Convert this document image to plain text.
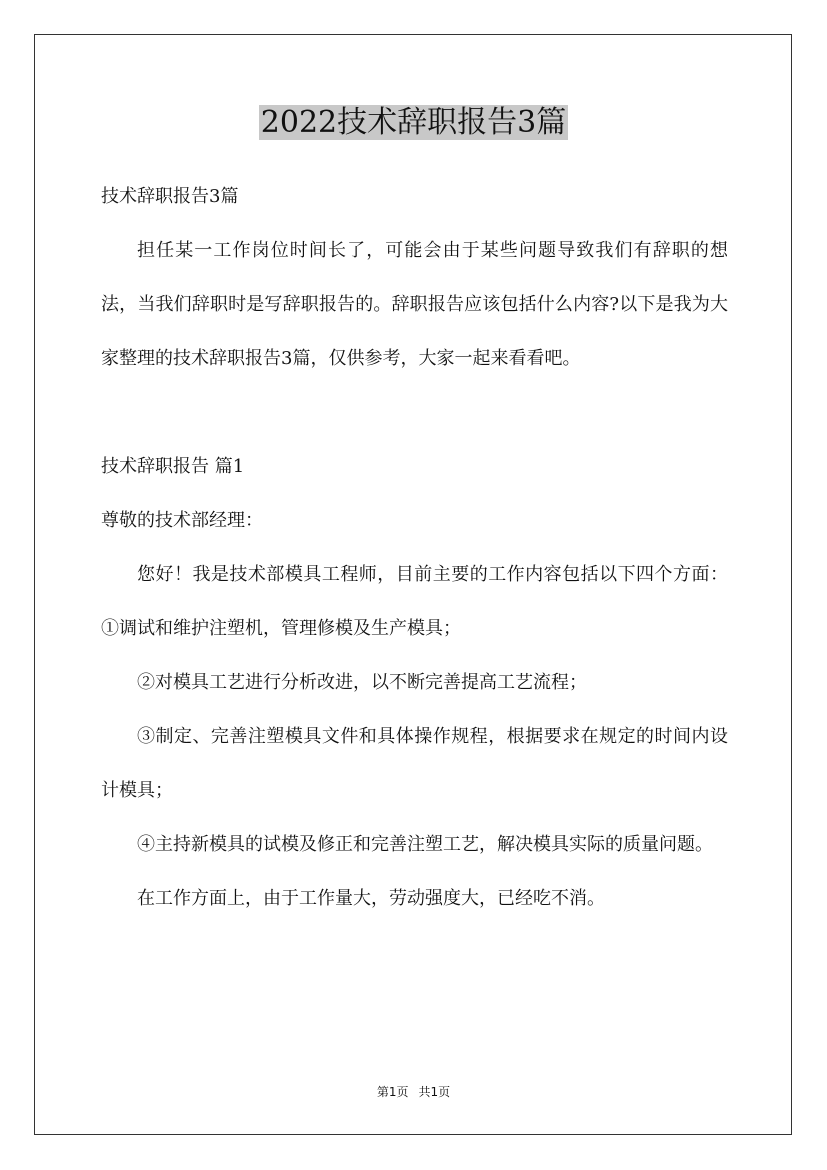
2022技术辞职报告3篇

技术辞职报告3篇

担任某一工作岗位时间长了，可能会由于某些问题导致我们有辞职的想法，当我们辞职时是写辞职报告的。辞职报告应该包括什么内容?以下是我为大家整理的技术辞职报告3篇，仅供参考，大家一起来看看吧。

技术辞职报告 篇1

尊敬的技术部经理：

您好！我是技术部模具工程师，目前主要的工作内容包括以下四个方面：①调试和维护注塑机，管理修模及生产模具；

②对模具工艺进行分析改进，以不断完善提高工艺流程；

③制定、完善注塑模具文件和具体操作规程，根据要求在规定的时间内设计模具；

④主持新模具的试模及修正和完善注塑工艺，解决模具实际的质量问题。

在工作方面上，由于工作量大，劳动强度大，已经吃不消。

第1页 共1页
